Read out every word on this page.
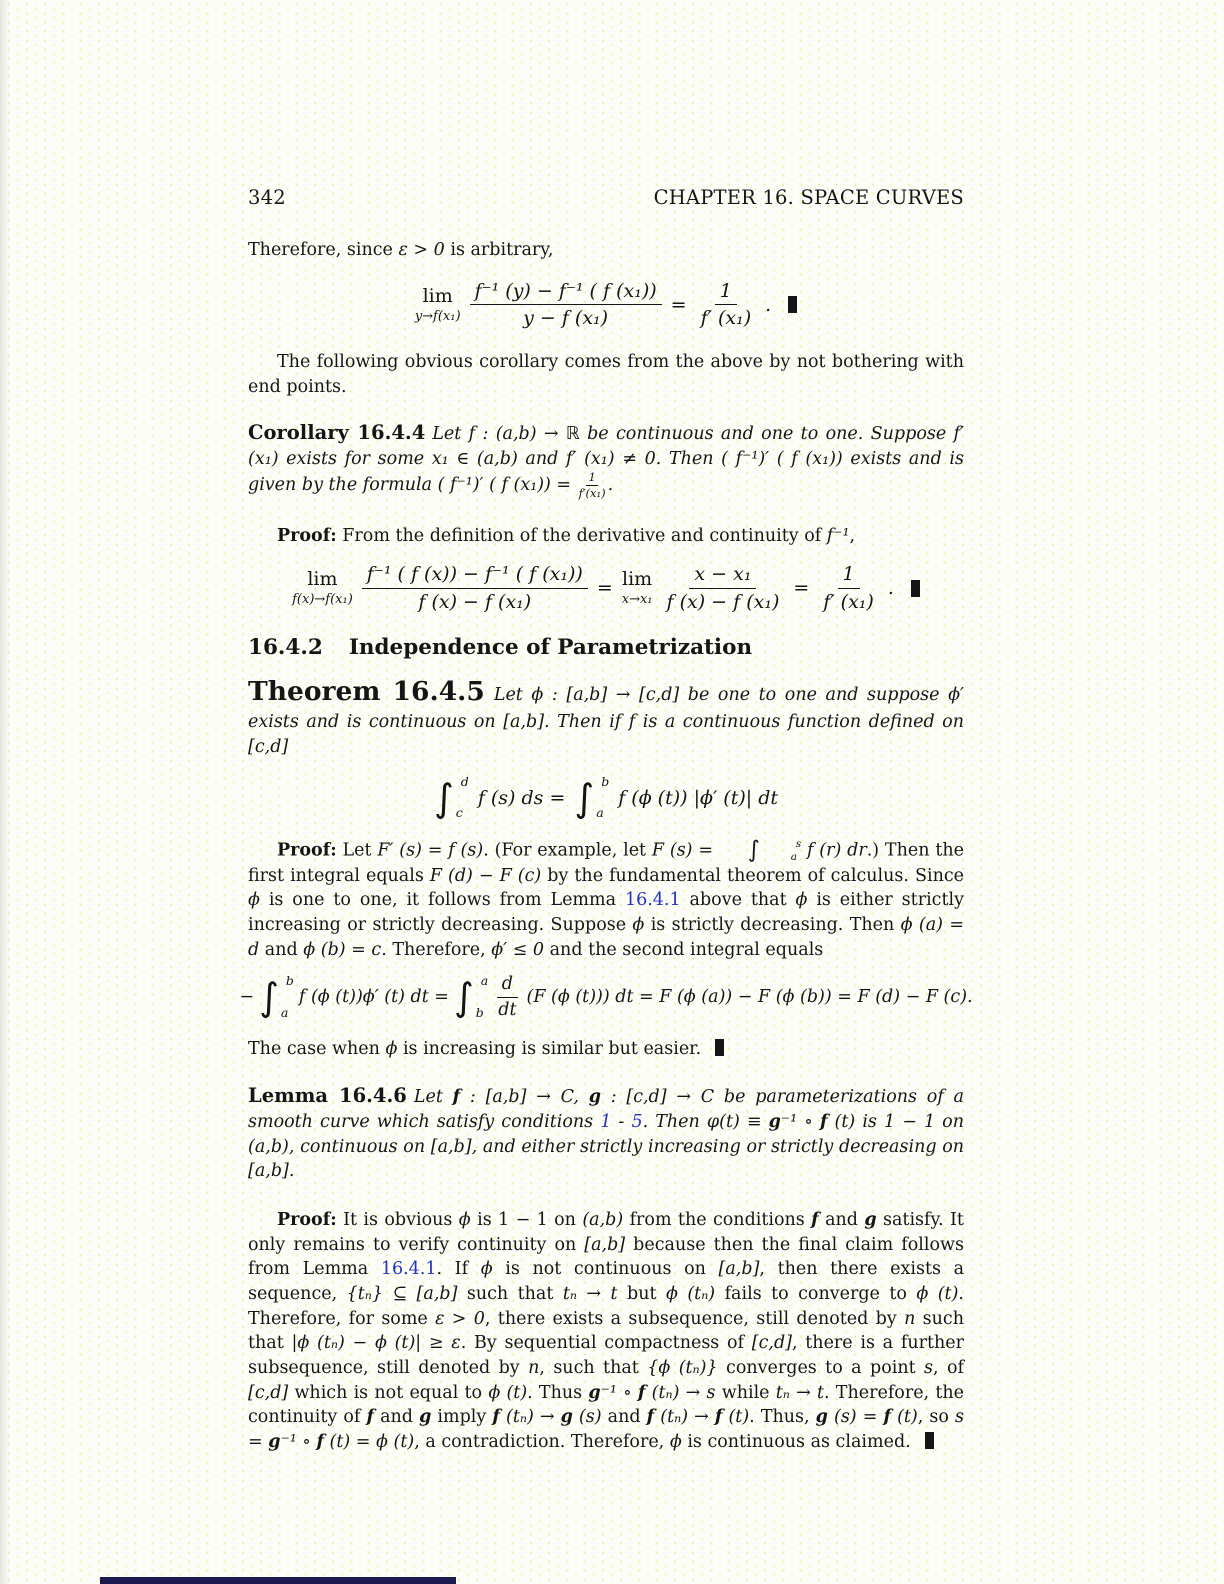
342	CHAPTER 16. SPACE CURVES
Therefore, since ε > 0 is arbitrary,
lim
$y\to f(x_1) \frac{\text{f⁻¹ (y) − f⁻¹ ( f (x₁))}}{\text{y − f (x₁)}} = \frac{1}{\text{f′ (x₁)}}$ .
The following obvious corollary comes from the above by not bothering with end points.
Corollary 16.4.4 Let f : (a,b) → ℝ be continuous and one to one. Suppose f′ (x₁) exists for some x₁ ∈ (a,b) and f′ (x₁) ≠ 0. Then ( f⁻¹)′ ( f (x₁)) exists and is given by the formula ( f⁻¹)′ ( f $(x_1)) = \frac{1}{\text{f′(x₁)}}$ .
Proof: From the definition of the derivative and continuity of f⁻¹,
lim
$f(x)\to f(x_1) \frac{\text{f⁻¹ ( f (x)) − f⁻¹ ( f (x₁))}}{\text{f (x) − f (x₁)}} = \lim$
$x\to x_1 \frac{\text{x − x₁}}{\text{f (x) − f (x₁)}} = \frac{1}{\text{f′ (x₁)}}$ .
16.4.2 Independence of Parametrization
Theorem 16.4.5 Let ϕ : [a,b] → [c,d] be one to one and suppose ϕ′ exists and is continuous on [a,b]. Then if f is a continuous function defined on [c,d]
∫ d
c
f (s) ds = ∫ b
a
f (ϕ (t)) |ϕ′ (t)| dt
Proof: Let F′ (s) = f (s). (For example, let F (s) =	∫	s
a f (r) dr.) Then the first integral equals F (d) − F (c) by the fundamental theorem of calculus. Since ϕ is one to one, it follows from Lemma 16.4.1 above that ϕ is either strictly increasing or strictly decreasing. Suppose ϕ is strictly decreasing. Then ϕ (a) = d and ϕ (b) = c. Therefore, ϕ′ ≤ 0 and the second integral equals
− ∫ b
a
f (ϕ (t))ϕ′ (t) dt = ∫ a
b $\frac{d}{dt} (F$ (ϕ (t))) dt = F (ϕ (a)) − F (ϕ (b)) = F (d) − F (c).
The case when ϕ is increasing is similar but easier.
Lemma 16.4.6 Let f : [a,b] → C, g : [c,d] → C be parameterizations of a smooth curve which satisfy conditions 1 - 5. Then φ(t) ≡ g⁻¹ ∘ f (t) is 1 − 1 on (a,b), continuous on [a,b], and either strictly increasing or strictly decreasing on [a,b].
Proof: It is obvious ϕ is 1 − 1 on (a,b) from the conditions f and g satisfy. It only remains to verify continuity on [a,b] because then the final claim follows from Lemma 16.4.1. If ϕ is not continuous on [a,b], then there exists a sequence, {tₙ} ⊆ [a,b] such that tₙ → t but ϕ (tₙ) fails to converge to ϕ (t). Therefore, for some ε > 0, there exists a subsequence, still denoted by n such that |ϕ (tₙ) − ϕ (t)| ≥ ε. By sequential compactness of [c,d], there is a further subsequence, still denoted by n, such that {ϕ (tₙ)} converges to a point s, of [c,d] which is not equal to ϕ (t). Thus g⁻¹ ∘ f (tₙ) → s while tₙ → t. Therefore, the continuity of f and g imply f (tₙ) → g (s) and f (tₙ) → f (t). Thus, g (s) = f (t), so s = g⁻¹ ∘ f (t) = ϕ (t), a contradiction. Therefore, ϕ is continuous as claimed.
